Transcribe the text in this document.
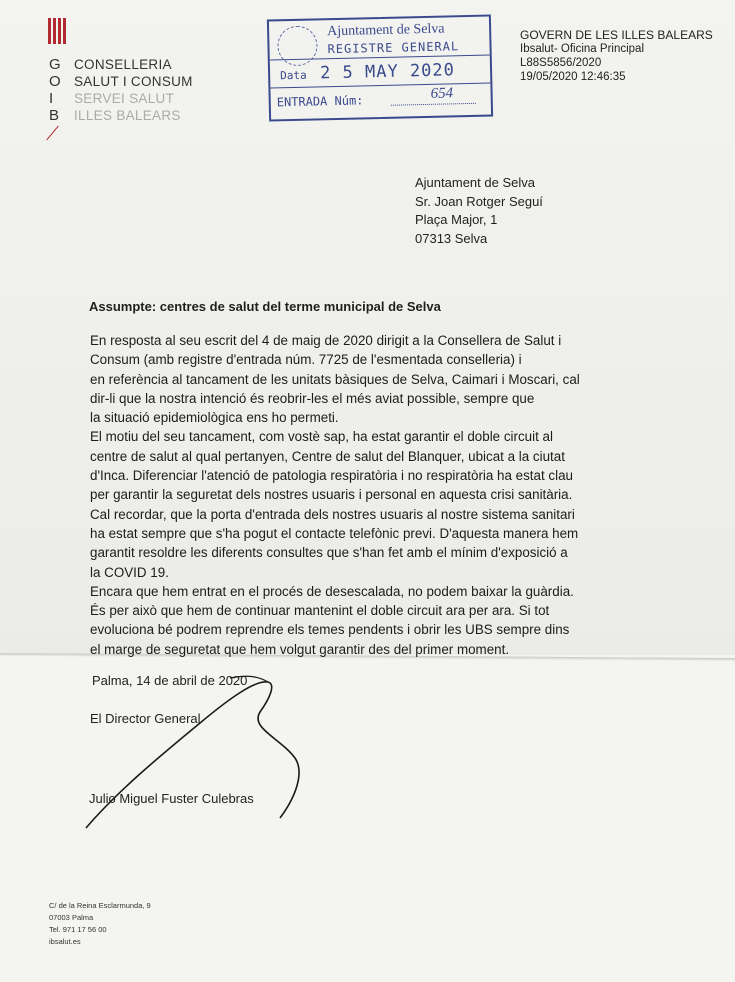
G
O
I
B
CONSELLERIA
SALUT I CONSUM
SERVEI SALUT
ILLES BALEARS
Ajuntament de Selva
REGISTRE GENERAL
Data 2 5 MAY 2020
ENTRADA Núm:	654
GOVERN DE LES ILLES BALEARS
Ibsalut- Oficina Principal
L88S5856/2020
19/05/2020 12:46:35
Ajuntament de Selva
Sr. Joan Rotger Seguí
Plaça Major, 1
07313 Selva
Assumpte: centres de salut del terme municipal de Selva
En resposta al seu escrit del 4 de maig de 2020 dirigit a la Consellera de Salut i
Consum (amb registre d'entrada núm. 7725 de l'esmentada conselleria) i
en referència al tancament de les unitats bàsiques de Selva, Caimari i Moscari, cal
dir-li que la nostra intenció és reobrir-les el més aviat possible, sempre que
la situació epidemiològica ens ho permeti.
El motiu del seu tancament, com vostè sap, ha estat garantir el doble circuit al
centre de salut al qual pertanyen, Centre de salut del Blanquer, ubicat a la ciutat
d'Inca. Diferenciar l'atenció de patologia respiratòria i no respiratòria ha estat clau
per garantir la seguretat dels nostres usuaris i personal en aquesta crisi sanitària.
Cal recordar, que la porta d'entrada dels nostres usuaris al nostre sistema sanitari
ha estat sempre que s'ha pogut el contacte telefònic previ. D'aquesta manera hem
garantit resoldre les diferents consultes que s'han fet amb el mínim d'exposició a
la COVID 19.
Encara que hem entrat en el procés de desescalada, no podem baixar la guàrdia.
És per això que hem de continuar mantenint el doble circuit ara per ara. Si tot
evoluciona bé podrem reprendre els temes pendents i obrir les UBS sempre dins
el marge de seguretat que hem volgut garantir des del primer moment.
Palma, 14 de abril de 2020
El Director General
Julio Miguel Fuster Culebras
C/ de la Reina Esclarmunda, 9
07003 Palma
Tel. 971 17 56 00
ibsalut.es
